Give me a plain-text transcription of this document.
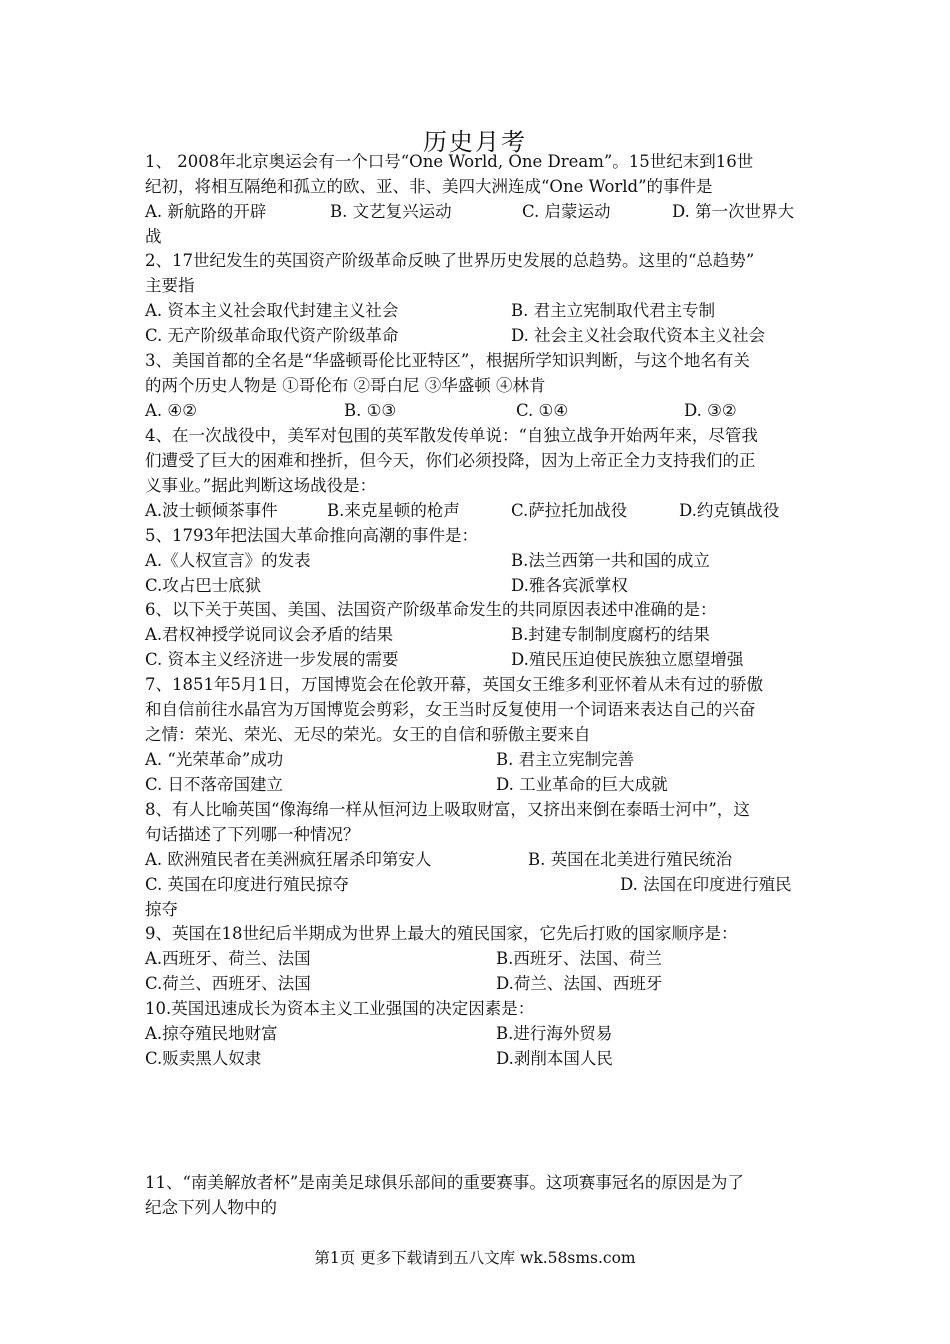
历史月考
1、 2008年北京奥运会有一个口号“One World, One Dream”。15世纪末到16世
纪初，将相互隔绝和孤立的欧、亚、非、美四大洲连成“One World”的事件是
A. 新航路的开辟	B. 文艺复兴运动	C. 启蒙运动	D. 第一次世界大
战
2、17世纪发生的英国资产阶级革命反映了世界历史发展的总趋势。这里的“总趋势”
主要指
A. 资本主义社会取代封建主义社会	B. 君主立宪制取代君主专制
C. 无产阶级革命取代资产阶级革命	D. 社会主义社会取代资本主义社会
3、美国首都的全名是“华盛顿哥伦比亚特区”，根据所学知识判断，与这个地名有关
的两个历史人物是 ①哥伦布 ②哥白尼 ③华盛顿 ④林肯
A. ④②	B. ①③	C. ①④	D. ③②
4、在一次战役中，美军对包围的英军散发传单说：“自独立战争开始两年来，尽管我
们遭受了巨大的困难和挫折，但今天，你们必须投降，因为上帝正全力支持我们的正
义事业。”据此判断这场战役是：
A.波士顿倾茶事件	B.来克星顿的枪声	C.萨拉托加战役	D.约克镇战役
5、1793年把法国大革命推向高潮的事件是：
A.《人权宣言》的发表	B.法兰西第一共和国的成立
C.攻占巴士底狱	D.雅各宾派掌权
6、以下关于英国、美国、法国资产阶级革命发生的共同原因表述中准确的是：
A.君权神授学说同议会矛盾的结果	B.封建专制制度腐朽的结果
C. 资本主义经济进一步发展的需要	D.殖民压迫使民族独立愿望增强
7、1851年5月1日，万国博览会在伦敦开幕，英国女王维多利亚怀着从未有过的骄傲
和自信前往水晶宫为万国博览会剪彩，女王当时反复使用一个词语来表达自己的兴奋
之情：荣光、荣光、无尽的荣光。女王的自信和骄傲主要来自
A. “光荣革命”成功	B. 君主立宪制完善
C. 日不落帝国建立	D. 工业革命的巨大成就
8、有人比喻英国“像海绵一样从恒河边上吸取财富，又挤出来倒在泰晤士河中”，这
句话描述了下列哪一种情况？
A. 欧洲殖民者在美洲疯狂屠杀印第安人	B. 英国在北美进行殖民统治
C. 英国在印度进行殖民掠夺	D. 法国在印度进行殖民
掠夺
9、英国在18世纪后半期成为世界上最大的殖民国家，它先后打败的国家顺序是：
A.西班牙、荷兰、法国	B.西班牙、法国、荷兰
C.荷兰、西班牙、法国	D.荷兰、法国、西班牙
10.英国迅速成长为资本主义工业强国的决定因素是：
A.掠夺殖民地财富	B.进行海外贸易
C.贩卖黑人奴隶	D.剥削本国人民
11、“南美解放者杯”是南美足球俱乐部间的重要赛事。这项赛事冠名的原因是为了
纪念下列人物中的
第1页 更多下载请到五八文库 wk.58sms.com
